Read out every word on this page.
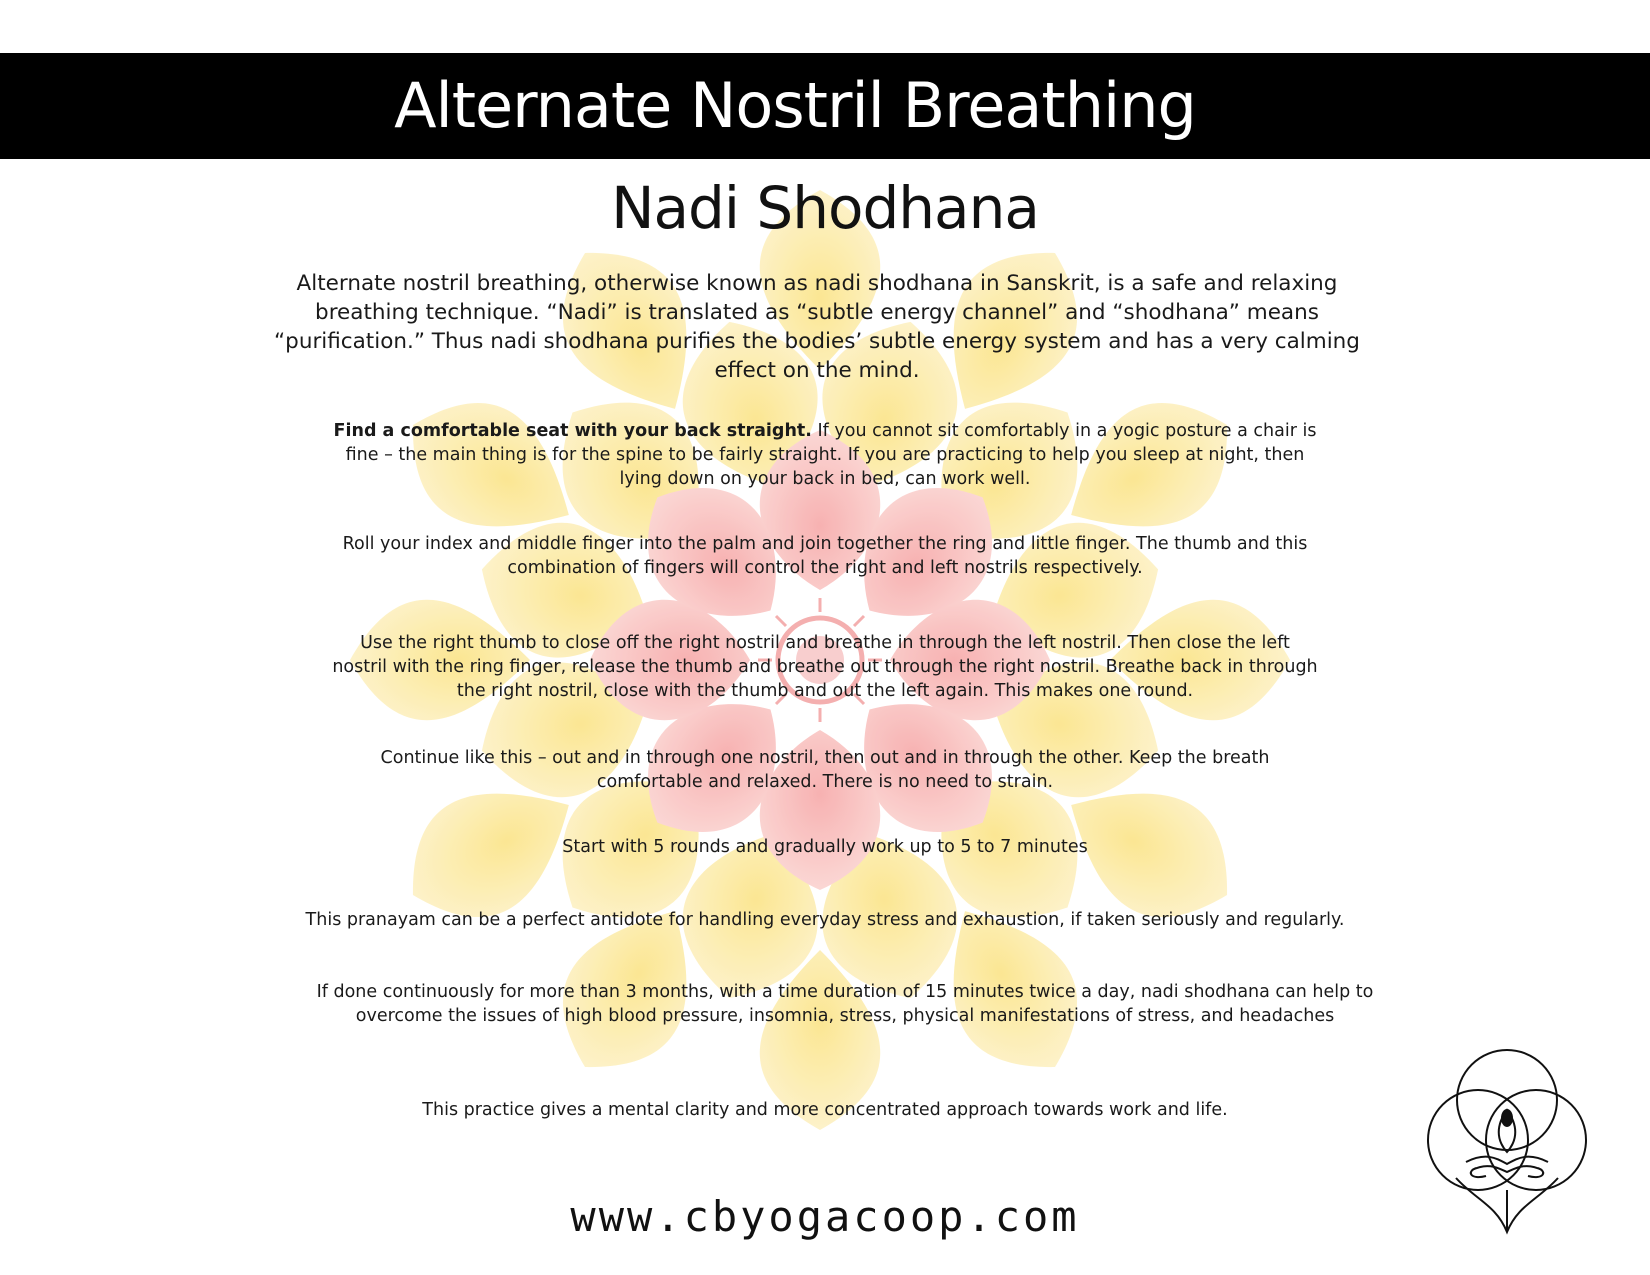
Alternate Nostril Breathing
Nadi Shodhana
Alternate nostril breathing, otherwise known as nadi shodhana in Sanskrit, is a safe and relaxing breathing technique. “Nadi” is translated as “subtle energy channel” and “shodhana” means “purification.” Thus nadi shodhana purifies the bodies’ subtle energy system and has a very calming effect on the mind.
Find a comfortable seat with your back straight. If you cannot sit comfortably in a yogic posture a chair is fine – the main thing is for the spine to be fairly straight. If you are practicing to help you sleep at night, then lying down on your back in bed, can work well.
Roll your index and middle finger into the palm and join together the ring and little finger. The thumb and this combination of fingers will control the right and left nostrils respectively.
Use the right thumb to close off the right nostril and breathe in through the left nostril. Then close the left nostril with the ring finger, release the thumb and breathe out through the right nostril. Breathe back in through the right nostril, close with the thumb and out the left again. This makes one round.
Continue like this – out and in through one nostril, then out and in through the other. Keep the breath comfortable and relaxed. There is no need to strain.
Start with 5 rounds and gradually work up to 5 to 7 minutes
This pranayam can be a perfect antidote for handling everyday stress and exhaustion, if taken seriously and regularly.
If done continuously for more than 3 months, with a time duration of 15 minutes twice a day, nadi shodhana can help to overcome the issues of high blood pressure, insomnia, stress, physical manifestations of stress, and headaches
This practice gives a mental clarity and more concentrated approach towards work and life.
www.cbyogacoop.com
